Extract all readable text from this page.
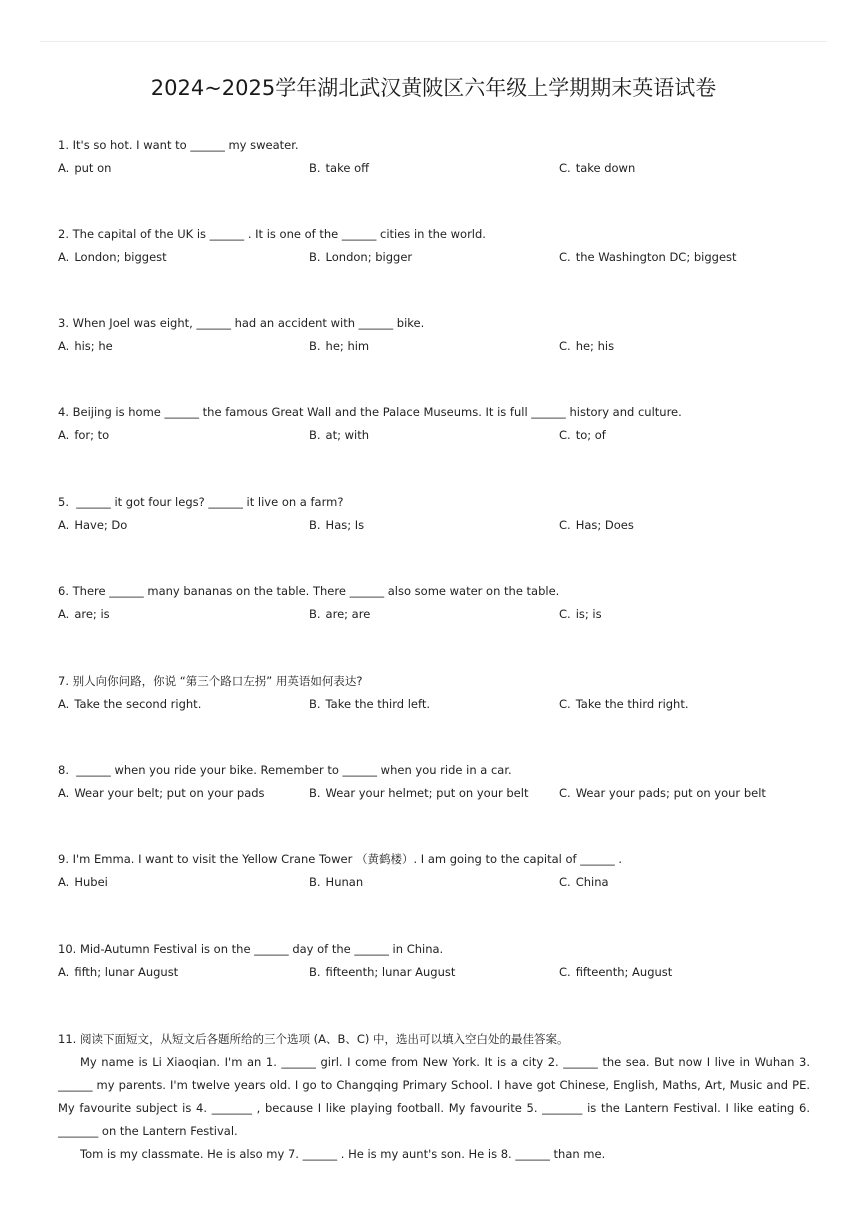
2024~2025学年湖北武汉黄陂区六年级上学期期末英语试卷
1. It's so hot. I want to ______ my sweater.
A. put on	B. take off	C. take down
2. The capital of the UK is ______ . It is one of the ______ cities in the world.
A. London; biggest	B. London; bigger	C. the Washington DC; biggest
3. When Joel was eight, ______ had an accident with ______ bike.
A. his; he	B. he; him	C. he; his
4. Beijing is home ______ the famous Great Wall and the Palace Museums. It is full ______ history and culture.
A. for; to	B. at; with	C. to; of
5.  ______ it got four legs? ______ it live on a farm?
A. Have; Do	B. Has; Is	C. Has; Does
6. There ______ many bananas on the table. There ______ also some water on the table.
A. are; is	B. are; are	C. is; is
7. 别人向你问路，你说 “第三个路口左拐” 用英语如何表达?
A. Take the second right.	B. Take the third left.	C. Take the third right.
8.  ______ when you ride your bike. Remember to ______ when you ride in a car.
A. Wear your belt; put on your pads	B. Wear your helmet; put on your belt	C. Wear your pads; put on your belt
9. I'm Emma. I want to visit the Yellow Crane Tower （黄鹤楼）. I am going to the capital of ______ .
A. Hubei	B. Hunan	C. China
10. Mid-Autumn Festival is on the ______ day of the ______ in China.
A. fifth; lunar August	B. fifteenth; lunar August	C. fifteenth; August
11. 阅读下面短文，从短文后各题所给的三个选项 (A、B、C) 中，选出可以填入空白处的最佳答案。
My name is Li Xiaoqian. I'm an 1. ______ girl. I come from New York. It is a city 2. ______ the sea. But now I live in Wuhan 3. ______ my parents. I'm twelve years old. I go to Changqing Primary School. I have got Chinese, English, Maths, Art, Music and PE. My favourite subject is 4. _______ , because I like playing football. My favourite 5. _______ is the Lantern Festival. I like eating 6. _______ on the Lantern Festival.
Tom is my classmate. He is also my 7. ______ . He is my aunt's son. He is 8. ______ than me.
